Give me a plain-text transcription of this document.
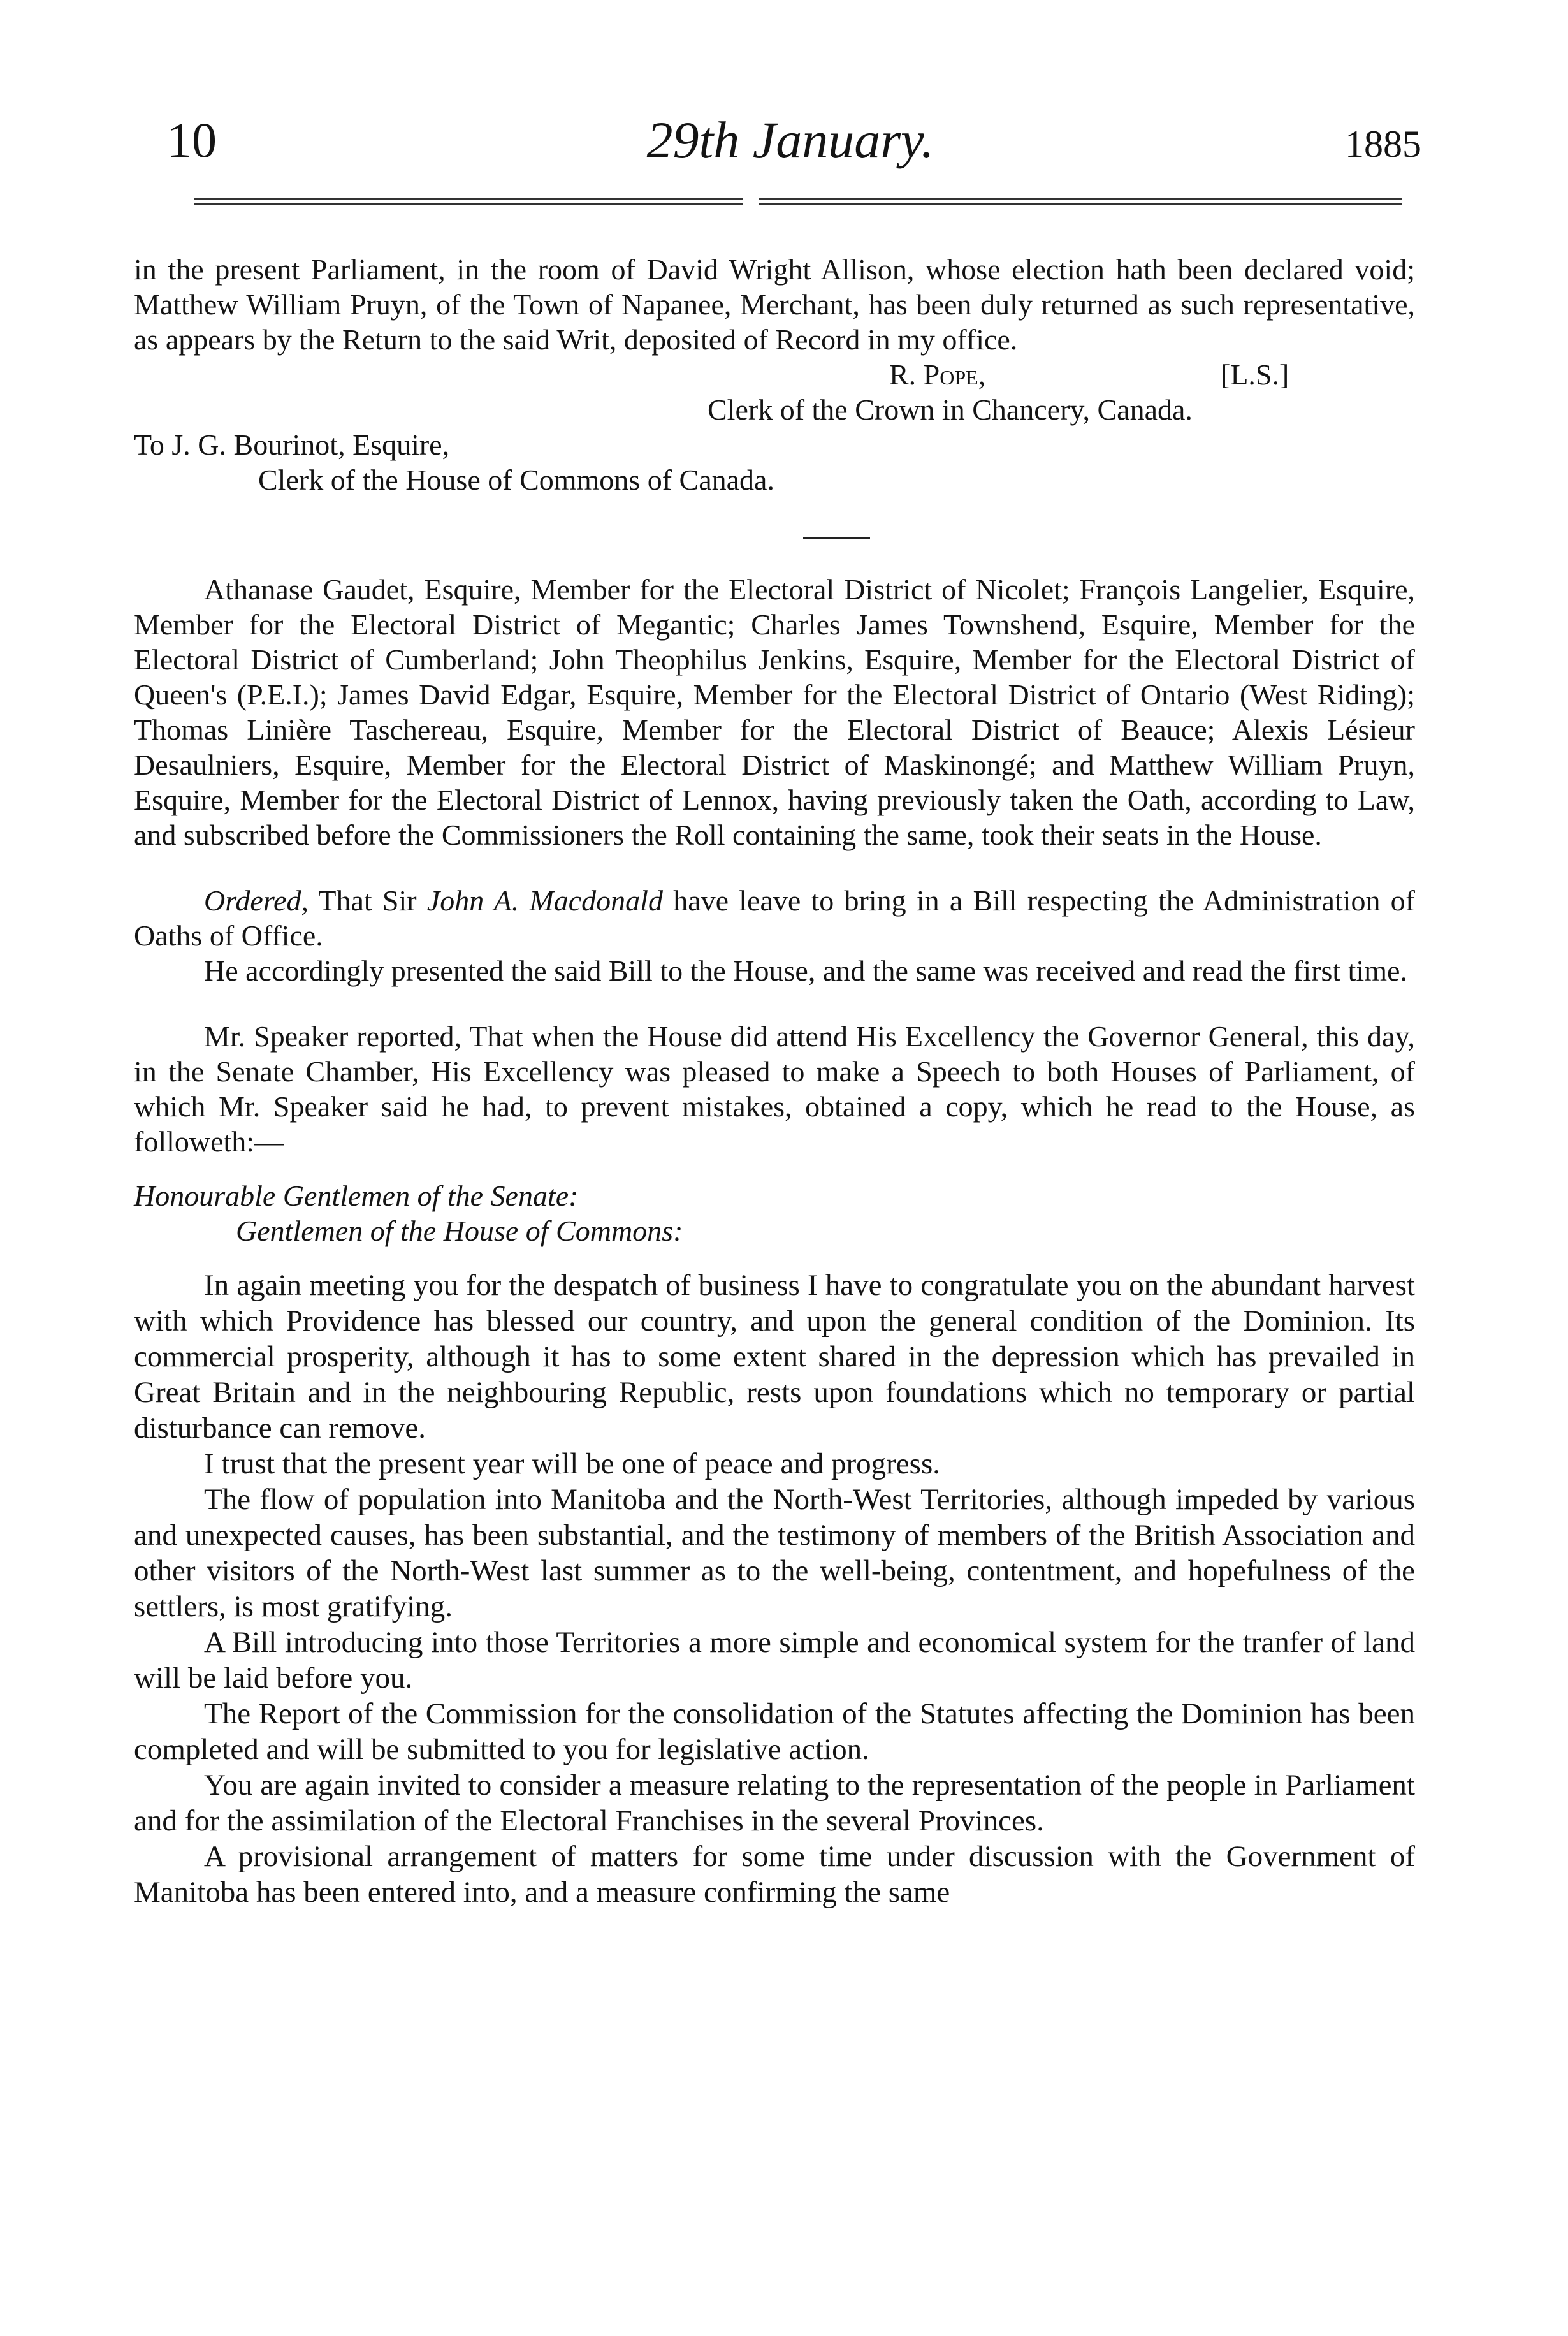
10	29th January.	1885

in the present Parliament, in the room of David Wright Allison, whose election hath been declared void; Matthew William Pruyn, of the Town of Napanee, Merchant, has been duly returned as such representative, as appears by the Return to the said Writ, deposited of Record in my office.

R. Pope,	[L.S.]

Clerk of the Crown in Chancery, Canada.

To J. G. Bourinot, Esquire,

Clerk of the House of Commons of Canada.

Athanase Gaudet, Esquire, Member for the Electoral District of Nicolet; François Langelier, Esquire, Member for the Electoral District of Megantic; Charles James Townshend, Esquire, Member for the Electoral District of Cumberland; John Theophilus Jenkins, Esquire, Member for the Electoral District of Queen's (P.E.I.); James David Edgar, Esquire, Member for the Electoral District of Ontario (West Riding); Thomas Linière Taschereau, Esquire, Member for the Electoral District of Beauce; Alexis Lésieur Desaulniers, Esquire, Member for the Electoral District of Maskinongé; and Matthew William Pruyn, Esquire, Member for the Electoral District of Lennox, having previously taken the Oath, according to Law, and subscribed before the Commissioners the Roll containing the same, took their seats in the House.

Ordered, That Sir John A. Macdonald have leave to bring in a Bill respecting the Administration of Oaths of Office.

He accordingly presented the said Bill to the House, and the same was received and read the first time.

Mr. Speaker reported, That when the House did attend His Excellency the Governor General, this day, in the Senate Chamber, His Excellency was pleased to make a Speech to both Houses of Parliament, of which Mr. Speaker said he had, to prevent mistakes, obtained a copy, which he read to the House, as followeth:—

Honourable Gentlemen of the Senate:

Gentlemen of the House of Commons:

In again meeting you for the despatch of business I have to congratulate you on the abundant harvest with which Providence has blessed our country, and upon the general condition of the Dominion. Its commercial prosperity, although it has to some extent shared in the depression which has prevailed in Great Britain and in the neighbouring Republic, rests upon foundations which no temporary or partial disturbance can remove.

I trust that the present year will be one of peace and progress.

The flow of population into Manitoba and the North-West Territories, although impeded by various and unexpected causes, has been substantial, and the testimony of members of the British Association and other visitors of the North-West last summer as to the well-being, contentment, and hopefulness of the settlers, is most gratifying.

A Bill introducing into those Territories a more simple and economical system for the tranfer of land will be laid before you.

The Report of the Commission for the consolidation of the Statutes affecting the Dominion has been completed and will be submitted to you for legislative action.

You are again invited to consider a measure relating to the representation of the people in Parliament and for the assimilation of the Electoral Franchises in the several Provinces.

A provisional arrangement of matters for some time under discussion with the Government of Manitoba has been entered into, and a measure confirming the same
